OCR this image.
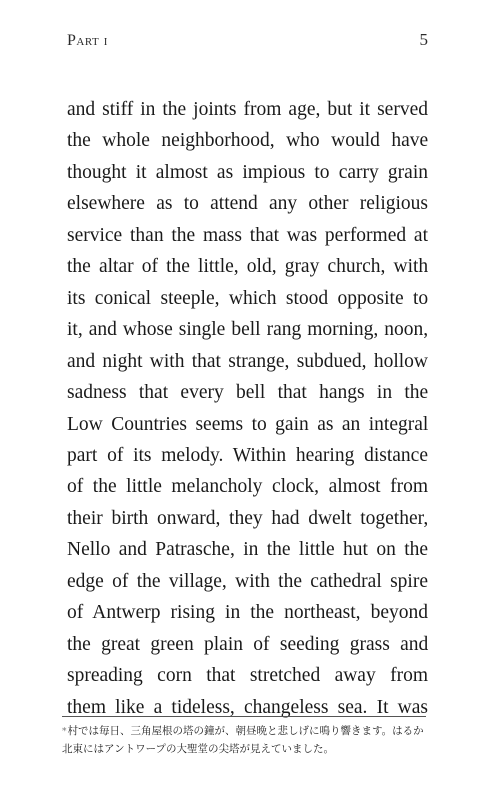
Part i	5
and stiff in the joints from age, but it served
the whole neighborhood, who would have
thought it almost as impious to carry grain
elsewhere as to attend any other religious
service than the mass that was performed at
the altar of the little, old, gray church, with
its conical steeple, which stood opposite to
it, and whose single bell rang morning, noon,
and night with that strange, subdued, hollow
sadness that every bell that hangs in the
Low Countries seems to gain as an integral
part of its melody. Within hearing distance
of the little melancholy clock, almost from
their birth onward, they had dwelt together,
Nello and Patrasche, in the little hut on the
edge of the village, with the cathedral spire
of Antwerp rising in the northeast, beyond
the great green plain of seeding grass and
spreading corn that stretched away from
them like a tideless, changeless sea. It was
*村では毎日、三角屋根の塔の鐘が、朝昼晩と悲しげに鳴り響きます。はるか北東にはアントワープの大聖堂の尖塔が見えていました。
